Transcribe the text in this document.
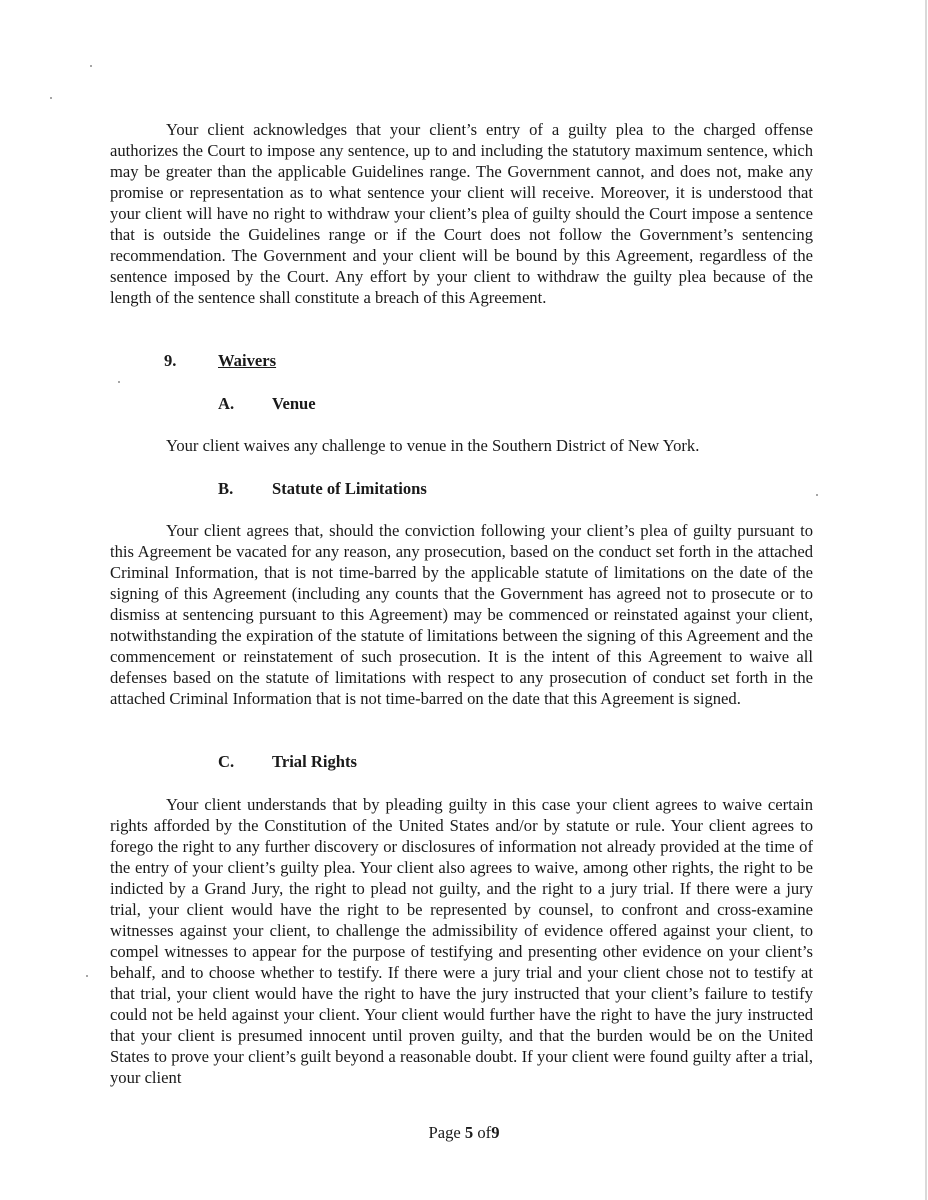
Your client acknowledges that your client’s entry of a guilty plea to the charged offense authorizes the Court to impose any sentence, up to and including the statutory maximum sentence, which may be greater than the applicable Guidelines range. The Government cannot, and does not, make any promise or representation as to what sentence your client will receive. Moreover, it is understood that your client will have no right to withdraw your client’s plea of guilty should the Court impose a sentence that is outside the Guidelines range or if the Court does not follow the Government’s sentencing recommendation. The Government and your client will be bound by this Agreement, regardless of the sentence imposed by the Court. Any effort by your client to withdraw the guilty plea because of the length of the sentence shall constitute a breach of this Agreement.

9.	Waivers
A. Venue

Your client waives any challenge to venue in the Southern District of New York.

B. Statute of Limitations

Your client agrees that, should the conviction following your client’s plea of guilty pursuant to this Agreement be vacated for any reason, any prosecution, based on the conduct set forth in the attached Criminal Information, that is not time-barred by the applicable statute of limitations on the date of the signing of this Agreement (including any counts that the Government has agreed not to prosecute or to dismiss at sentencing pursuant to this Agreement) may be commenced or reinstated against your client, notwithstanding the expiration of the statute of limitations between the signing of this Agreement and the commencement or reinstatement of such prosecution. It is the intent of this Agreement to waive all defenses based on the statute of limitations with respect to any prosecution of conduct set forth in the attached Criminal Information that is not time-barred on the date that this Agreement is signed.

C. Trial Rights

Your client understands that by pleading guilty in this case your client agrees to waive certain rights afforded by the Constitution of the United States and/or by statute or rule. Your client agrees to forego the right to any further discovery or disclosures of information not already provided at the time of the entry of your client’s guilty plea. Your client also agrees to waive, among other rights, the right to be indicted by a Grand Jury, the right to plead not guilty, and the right to a jury trial. If there were a jury trial, your client would have the right to be represented by counsel, to confront and cross-examine witnesses against your client, to challenge the admissibility of evidence offered against your client, to compel witnesses to appear for the purpose of testifying and presenting other evidence on your client’s behalf, and to choose whether to testify. If there were a jury trial and your client chose not to testify at that trial, your client would have the right to have the jury instructed that your client’s failure to testify could not be held against your client. Your client would further have the right to have the jury instructed that your client is presumed innocent until proven guilty, and that the burden would be on the United States to prove your client’s guilt beyond a reasonable doubt. If your client were found guilty after a trial, your client

Page 5 of9
